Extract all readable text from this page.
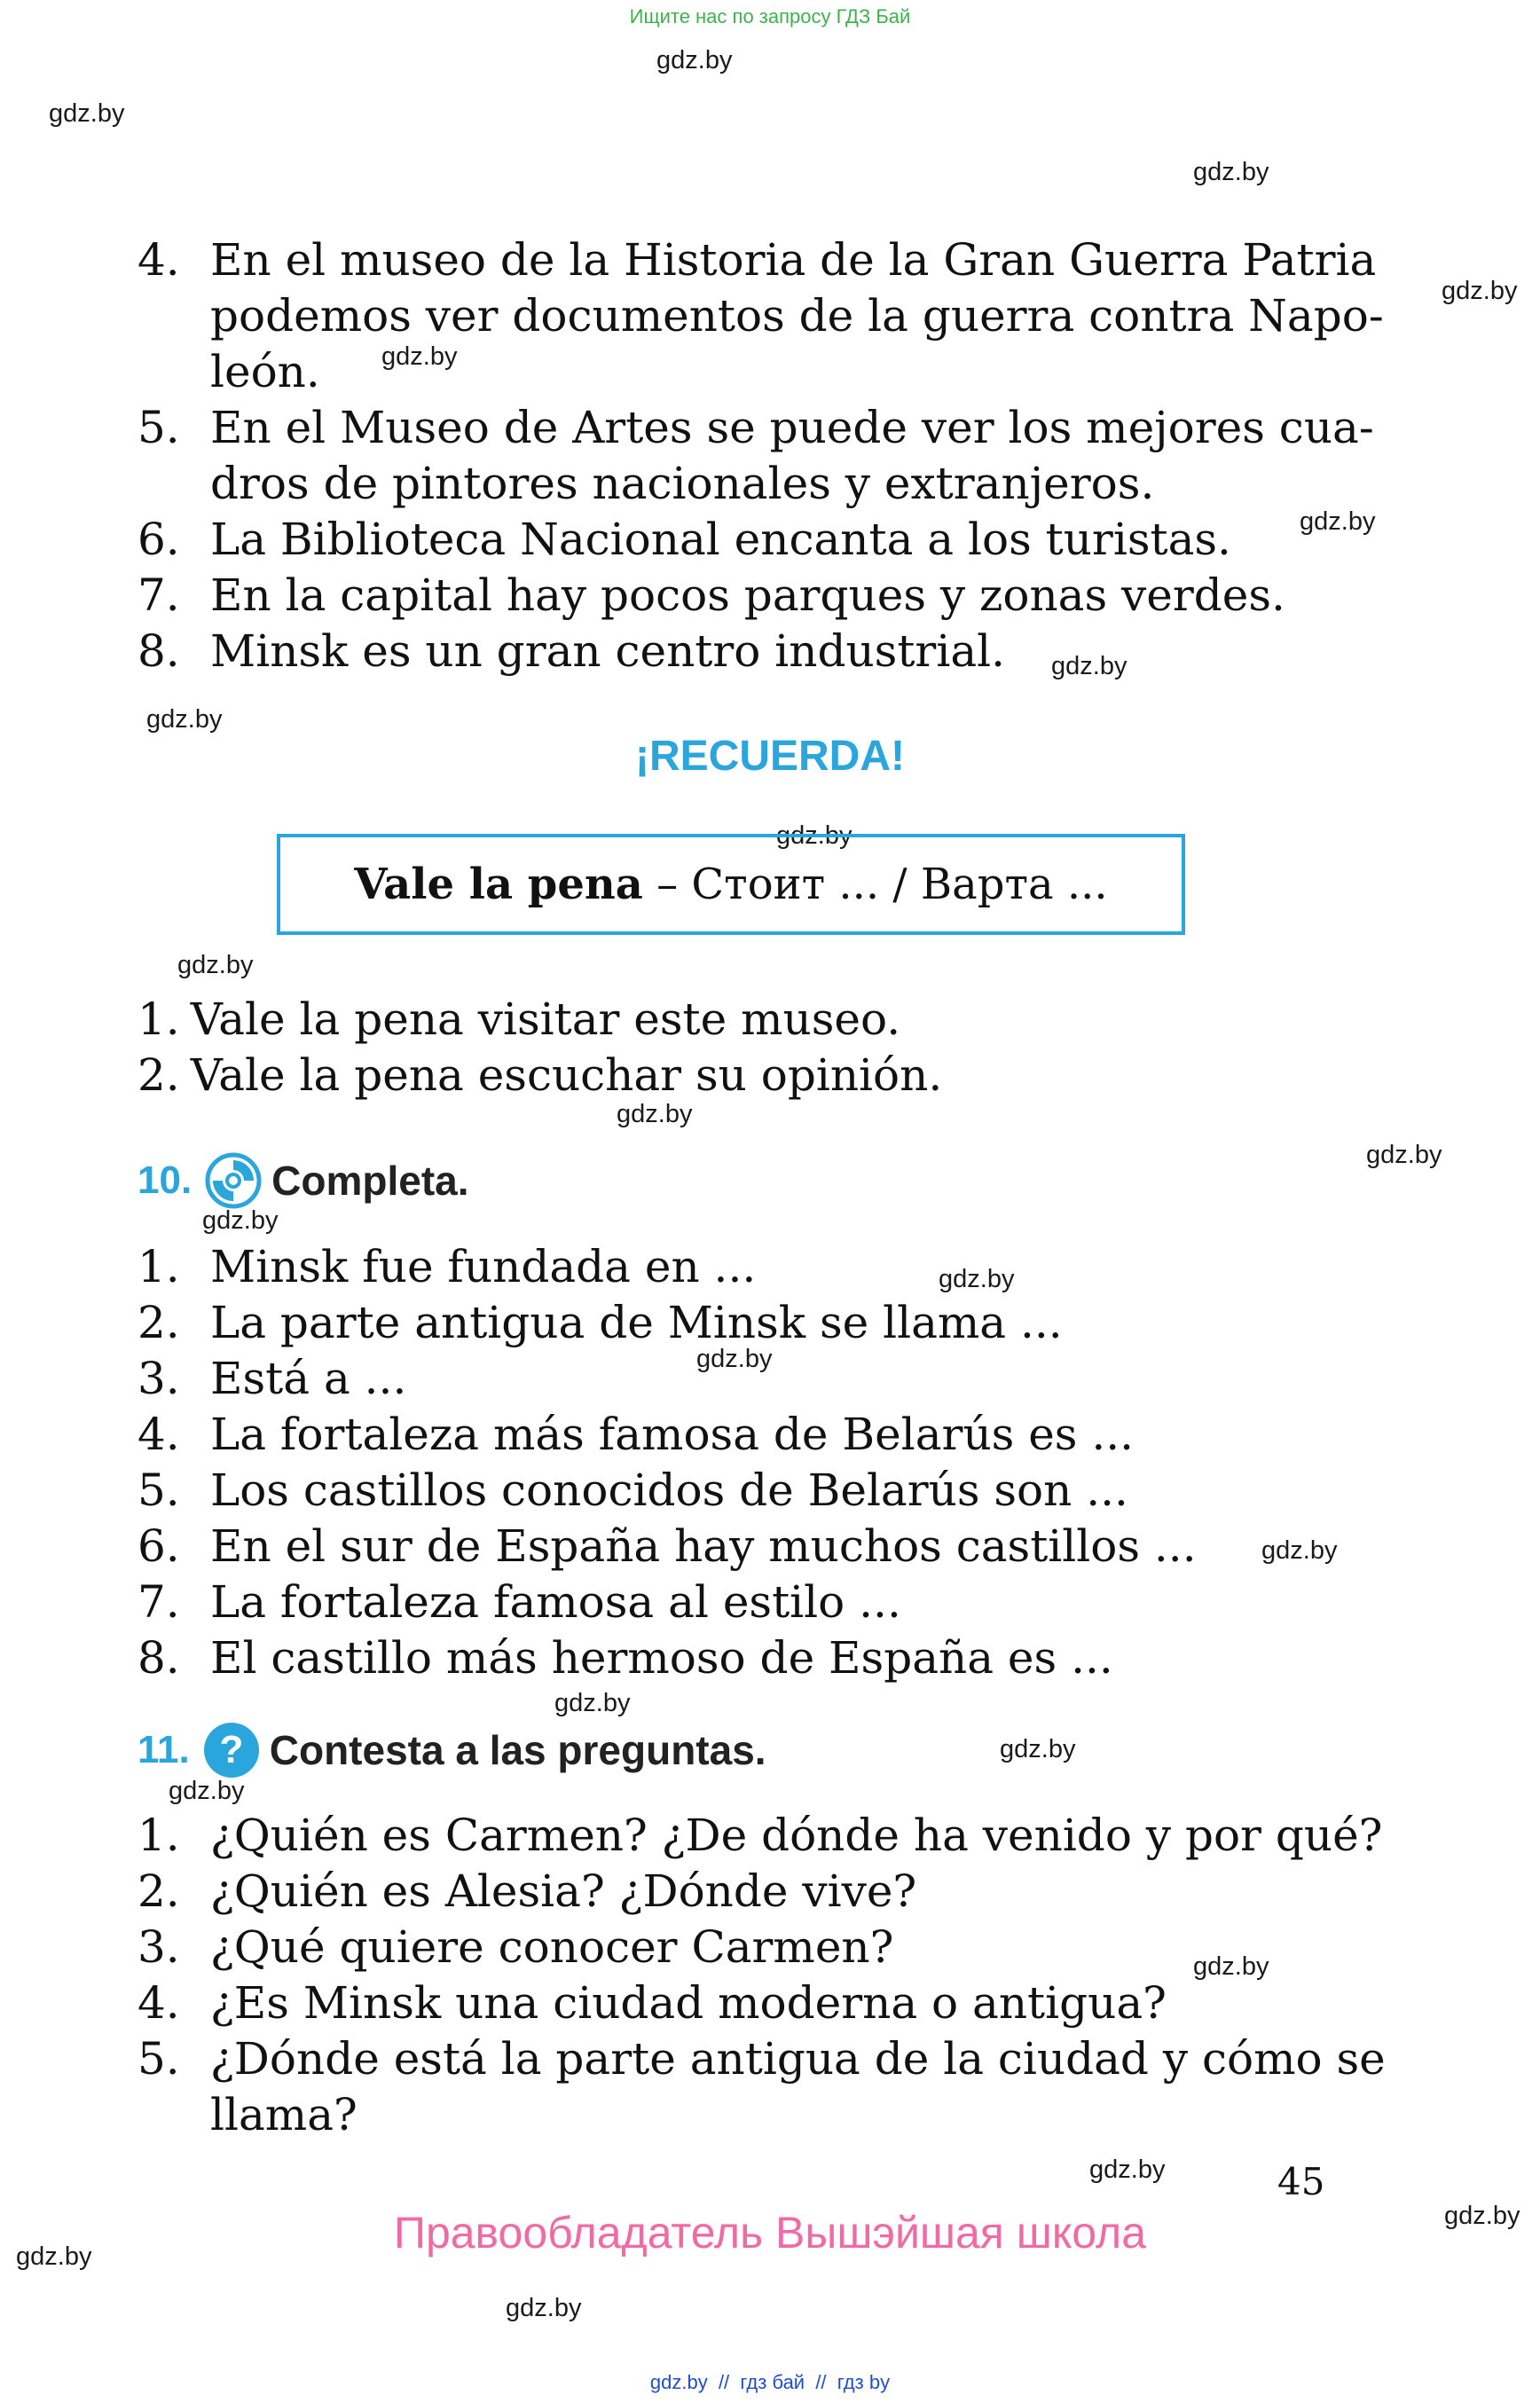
Ищите нас по запросу ГДЗ Бай
gdz.by
gdz.by
gdz.by
gdz.by
gdz.by
gdz.by
gdz.by
gdz.by
gdz.by
gdz.by
gdz.by
gdz.by
gdz.by
gdz.by
gdz.by
gdz.by
gdz.by
gdz.by
gdz.by
gdz.by
gdz.by
gdz.by
gdz.by
gdz.by
4. En el museo de la Historia de la Gran Guerra Patria
podemos ver documentos de la guerra contra Napo-
león.
5. En el Museo de Artes se puede ver los mejores cua-
dros de pintores nacionales y extranjeros.
6. La Biblioteca Nacional encanta a los turistas.
7. En la capital hay pocos parques y zonas verdes.
8. Minsk es un gran centro industrial.
¡RECUERDA!
Vale la pena – Стоит ... / Варта ...
1. Vale la pena visitar este museo.
2. Vale la pena escuchar su opinión.
10. Completa.
1. Minsk fue fundada en ...
2. La parte antigua de Minsk se llama ...
3. Está a ...
4. La fortaleza más famosa de Belarús es ...
5. Los castillos conocidos de Belarús son ...
6. En el sur de España hay muchos castillos ...
7. La fortaleza famosa al estilo ...
8. El castillo más hermoso de España es ...
11. ? Contesta a las preguntas.
1. ¿Quién es Carmen? ¿De dónde ha venido y por qué?
2. ¿Quién es Alesia? ¿Dónde vive?
3. ¿Qué quiere conocer Carmen?
4. ¿Es Minsk una ciudad moderna o antigua?
5. ¿Dónde está la parte antigua de la ciudad y cómo se
llama?
45
Правообладатель Вышэйшая школа
gdz.by  //  гдз бай  //  гдз by
